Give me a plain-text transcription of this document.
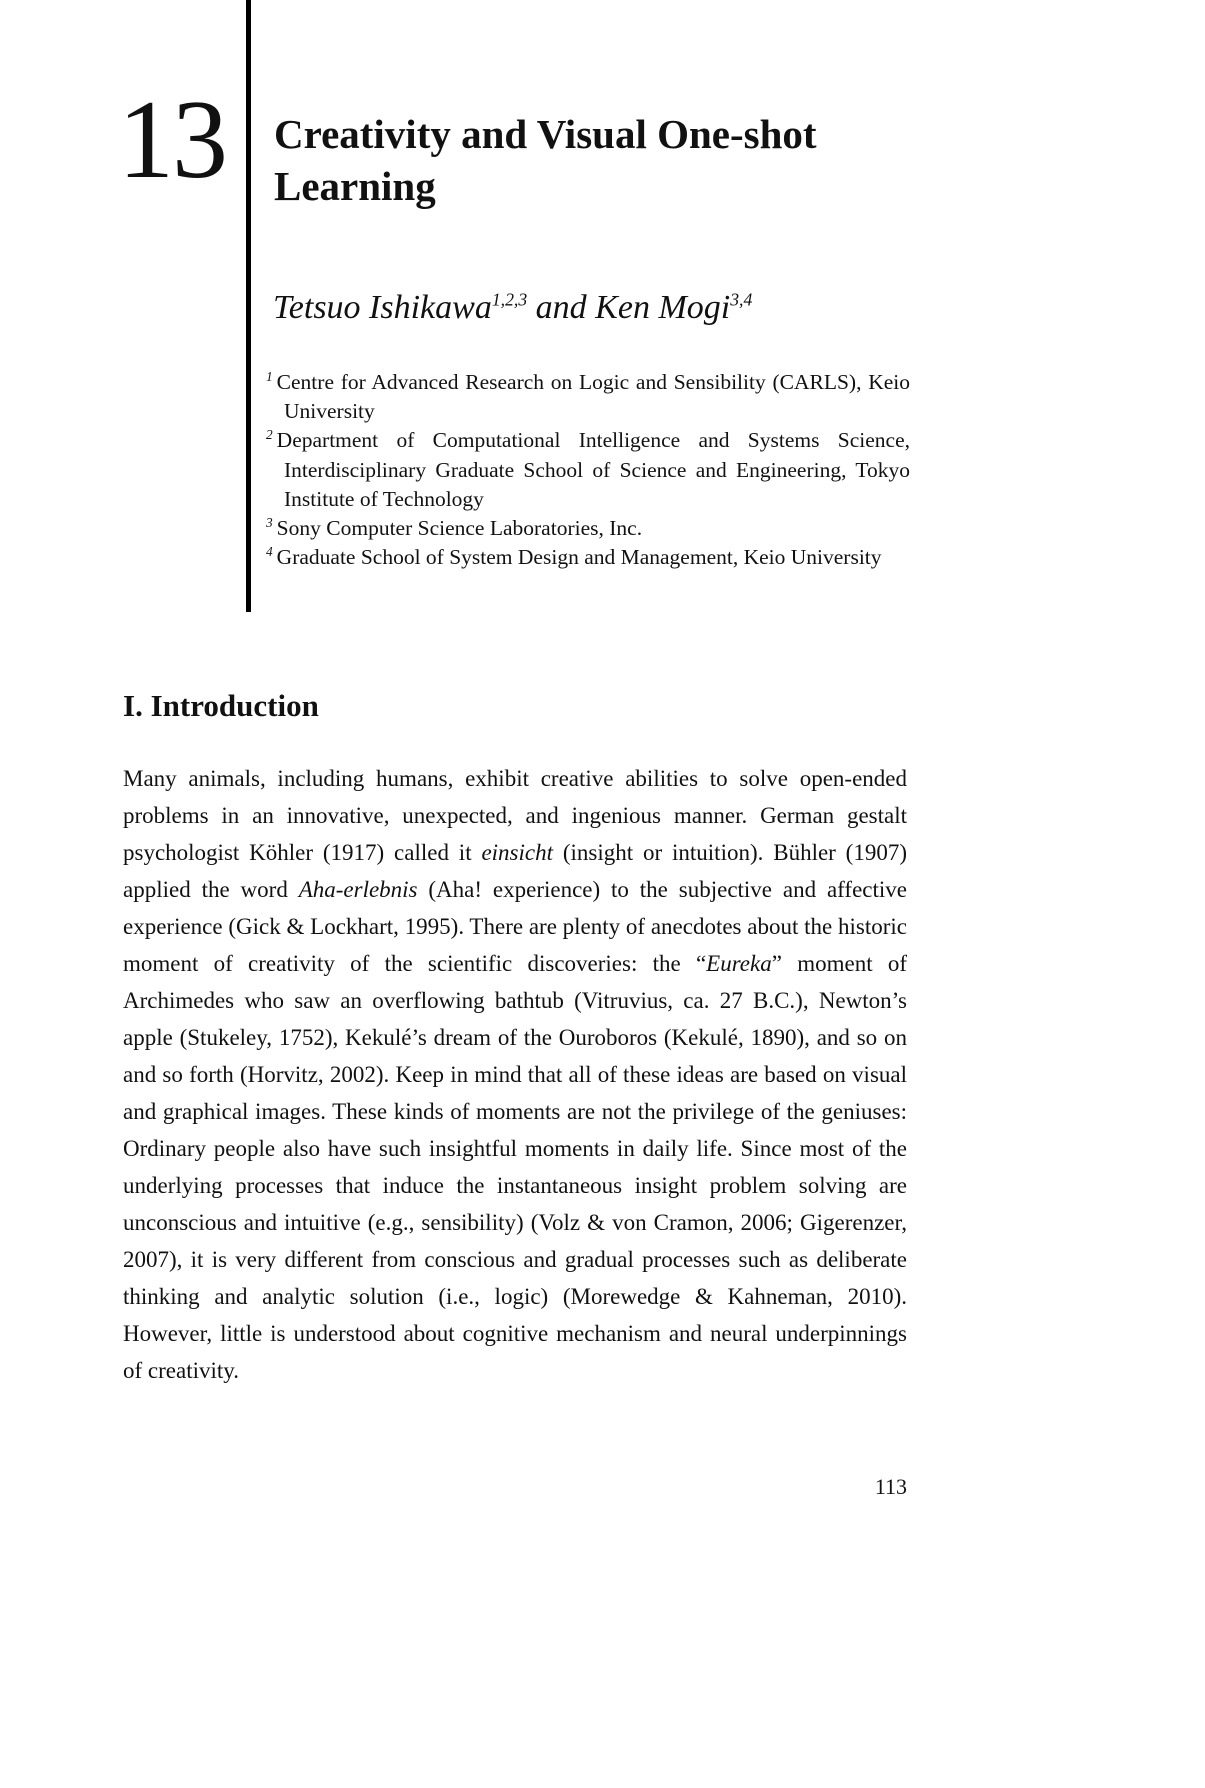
13 Creativity and Visual One-shot Learning
Tetsuo Ishikawa$^{1,2,3}$ and Ken Mogi$^{3,4}$
$^1$ Centre for Advanced Research on Logic and Sensibility (CARLS), Keio University
$^2$ Department of Computational Intelligence and Systems Science, Interdisciplinary Graduate School of Science and Engineering, Tokyo Institute of Technology
$^3$ Sony Computer Science Laboratories, Inc.
$^4$ Graduate School of System Design and Management, Keio University
I. Introduction

Many animals, including humans, exhibit creative abilities to solve open-ended problems in an innovative, unexpected, and ingenious manner. German gestalt psychologist Köhler (1917) called it einsicht (insight or intuition). Bühler (1907) applied the word Aha-erlebnis (Aha! experience) to the subjective and affective experience (Gick & Lockhart, 1995). There are plenty of anecdotes about the historic moment of creativity of the scientific discoveries: the “Eureka” moment of Archimedes who saw an overflowing bathtub (Vitruvius, ca. 27 B.C.), Newton’s apple (Stukeley, 1752), Kekulé’s dream of the Ouroboros (Kekulé, 1890), and so on and so forth (Horvitz, 2002). Keep in mind that all of these ideas are based on visual and graphical images. These kinds of moments are not the privilege of the geniuses: Ordinary people also have such insightful moments in daily life. Since most of the underlying processes that induce the instantaneous insight problem solving are unconscious and intuitive (e.g., sensibility) (Volz & von Cramon, 2006; Gigerenzer, 2007), it is very different from conscious and gradual processes such as deliberate thinking and analytic solution (i.e., logic) (Morewedge & Kahneman, 2010). However, little is understood about cognitive mechanism and neural underpinnings of creativity.

113
